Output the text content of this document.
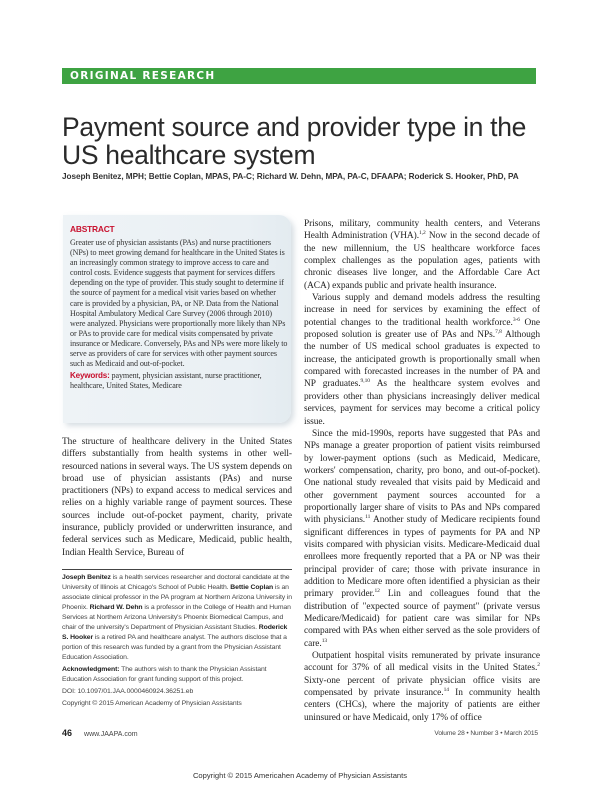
ORIGINAL RESEARCH
Payment source and provider type in the US healthcare system
Joseph Benitez, MPH; Bettie Coplan, MPAS, PA-C; Richard W. Dehn, MPA, PA-C, DFAAPA; Roderick S. Hooker, PhD, PA
ABSTRACT

Greater use of physician assistants (PAs) and nurse practitioners (NPs) to meet growing demand for healthcare in the United States is an increasingly common strategy to improve access to care and control costs. Evidence suggests that payment for services differs depending on the type of provider. This study sought to determine if the source of payment for a medical visit varies based on whether care is provided by a physician, PA, or NP. Data from the National Hospital Ambulatory Medical Care Survey (2006 through 2010) were analyzed. Physicians were proportionally more likely than NPs or PAs to provide care for medical visits compensated by private insurance or Medicare. Conversely, PAs and NPs were more likely to serve as providers of care for services with other payment sources such as Medicaid and out-of-pocket.

Keywords: payment, physician assistant, nurse practitioner, healthcare, United States, Medicare

The structure of healthcare delivery in the United States differs substantially from health systems in other well-resourced nations in several ways. The US system depends on broad use of physician assistants (PAs) and nurse practitioners (NPs) to expand access to medical services and relies on a highly variable range of payment sources. These sources include out-of-pocket payment, charity, private insurance, publicly provided or underwritten insurance, and federal services such as Medicare, Medicaid, public health, Indian Health Service, Bureau of

Joseph Benitez is a health services researcher and doctoral candidate at the University of Illinois at Chicago's School of Public Health. Bettie Coplan is an associate clinical professor in the PA program at Northern Arizona University in Phoenix. Richard W. Dehn is a professor in the College of Health and Human Services at Northern Arizona University's Phoenix Biomedical Campus, and chair of the university's Department of Physician Assistant Studies. Roderick S. Hooker is a retired PA and healthcare analyst. The authors disclose that a portion of this research was funded by a grant from the Physician Assistant Education Association.

Acknowledgment: The authors wish to thank the Physician Assistant Education Association for grant funding support of this project.

DOI: 10.1097/01.JAA.0000460924.36251.eb

Copyright © 2015 American Academy of Physician Assistants

46 www.JAAPA.com	Volume 28 • Number 3 • March 2015

Prisons, military, community health centers, and Veterans Health Administration (VHA).$^{1,2}$ Now in the second decade of the new millennium, the US healthcare workforce faces complex challenges as the population ages, patients with chronic diseases live longer, and the Affordable Care Act (ACA) expands public and private health insurance.

Various supply and demand models address the resulting increase in need for services by examining the effect of potential changes to the traditional health workforce.$^{3-6}$ One proposed solution is greater use of PAs and NPs.$^{7,8}$ Although the number of US medical school graduates is expected to increase, the anticipated growth is proportionally small when compared with forecasted increases in the number of PA and NP graduates.$^{9,10}$ As the healthcare system evolves and providers other than physicians increasingly deliver medical services, payment for services may become a critical policy issue.

Since the mid-1990s, reports have suggested that PAs and NPs manage a greater proportion of patient visits reimbursed by lower-payment options (such as Medicaid, Medicare, workers' compensation, charity, pro bono, and out-of-pocket). One national study revealed that visits paid by Medicaid and other government payment sources accounted for a proportionally larger share of visits to PAs and NPs compared with physicians.$^{11}$ Another study of Medicare recipients found significant differences in types of payments for PA and NP visits compared with physician visits. Medicare-Medicaid dual enrollees more frequently reported that a PA or NP was their principal provider of care; those with private insurance in addition to Medicare more often identified a physician as their primary provider.$^{12}$ Lin and colleagues found that the distribution of "expected source of payment" (private versus Medicare/Medicaid) for patient care was similar for NPs compared with PAs when either served as the sole providers of care.$^{13}$

Outpatient hospital visits remunerated by private insurance account for 37% of all medical visits in the United States.$^2$ Sixty-one percent of private physician office visits are compensated by private insurance.$^{14}$ In community health centers (CHCs), where the majority of patients are either uninsured or have Medicaid, only 17% of office

Copyright © 2015 Americahen Academy of Physician Assistants
